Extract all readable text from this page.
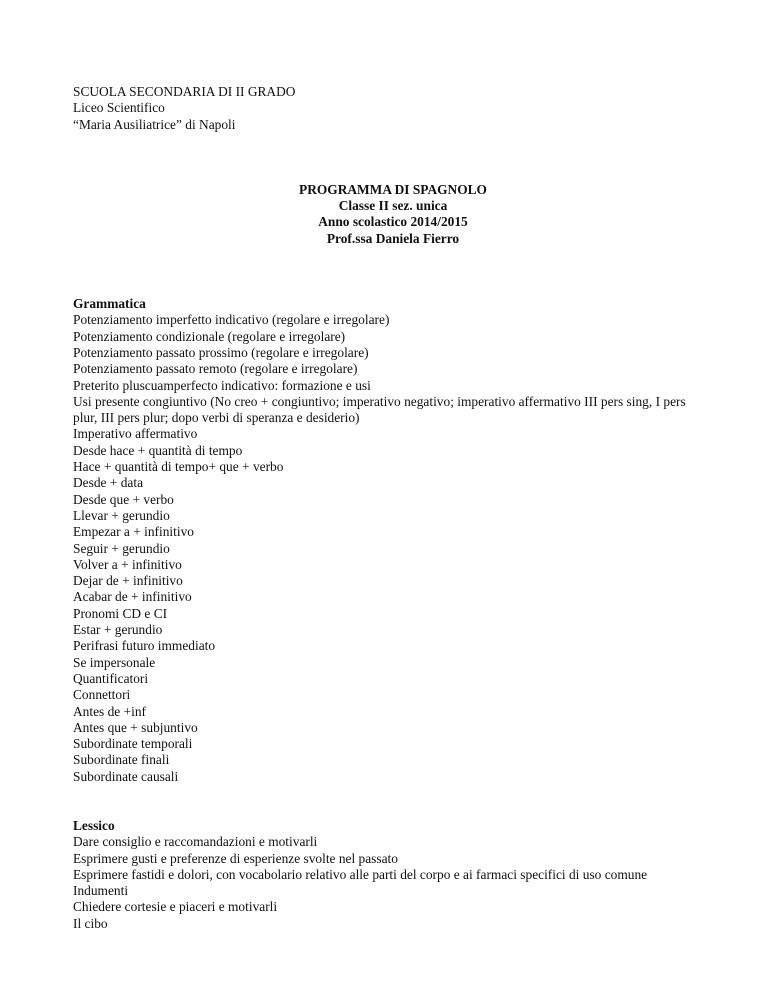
SCUOLA SECONDARIA DI II GRADO
Liceo Scientifico
“Maria Ausiliatrice” di Napoli
PROGRAMMA DI SPAGNOLO
Classe II sez. unica
Anno scolastico 2014/2015
Prof.ssa Daniela Fierro
Grammatica
Potenziamento imperfetto indicativo (regolare e irregolare)
Potenziamento condizionale (regolare e irregolare)
Potenziamento passato prossimo (regolare e irregolare)
Potenziamento passato remoto (regolare e irregolare)
Preterito pluscuamperfecto indicativo: formazione e usi
Usi presente congiuntivo (No creo + congiuntivo; imperativo negativo; imperativo affermativo III pers sing, I pers plur, III pers plur; dopo verbi di speranza e desiderio)
Imperativo affermativo
Desde hace + quantità di tempo
Hace + quantità di tempo+ que + verbo
Desde + data
Desde que + verbo
Llevar + gerundio
Empezar a + infinitivo
Seguir + gerundio
Volver a + infinitivo
Dejar de + infinitivo
Acabar de + infinitivo
Pronomi CD e CI
Estar + gerundio
Perifrasi futuro immediato
Se impersonale
Quantificatori
Connettori
Antes de +inf
Antes que + subjuntivo
Subordinate temporali
Subordinate finali
Subordinate causali
Lessico
Dare consiglio e raccomandazioni e motivarli
Esprimere gusti e preferenze di esperienze svolte nel passato
Esprimere fastidi e dolori, con vocabolario relativo alle parti del corpo e ai farmaci specifici di uso comune
Indumenti
Chiedere cortesie e piaceri e motivarli
Il cibo
